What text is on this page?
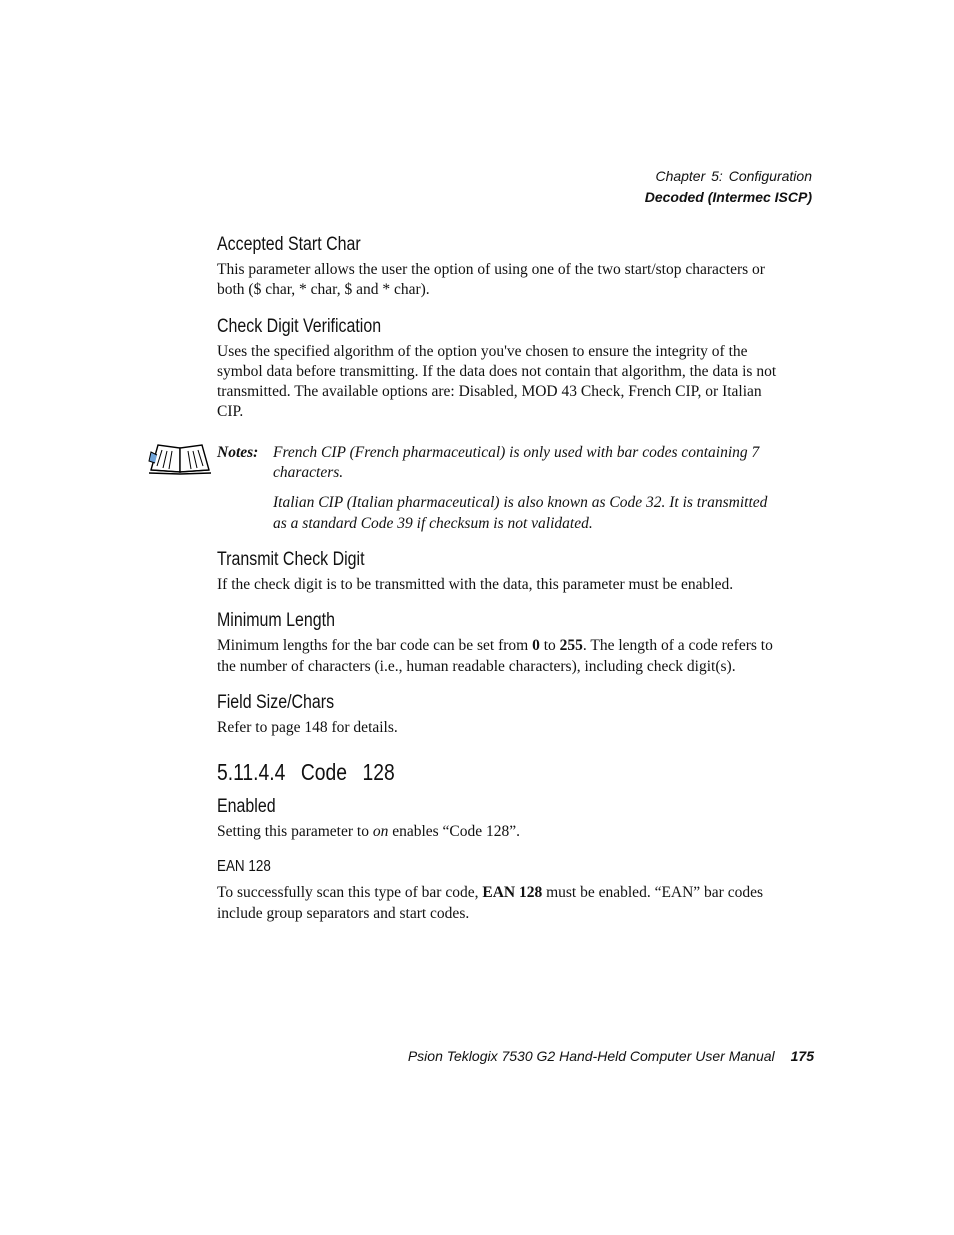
Chapter 5: Configuration
Decoded (Intermec ISCP)
Accepted Start Char

This parameter allows the user the option of using one of the two start/stop characters or both ($ char, * char, $ and * char).

Check Digit Verification

Uses the specified algorithm of the option you've chosen to ensure the integrity of the symbol data before transmitting. If the data does not contain that algorithm, the data is not transmitted. The available options are: Disabled, MOD 43 Check, French CIP, or Italian CIP.

Notes: French CIP (French pharmaceutical) is only used with bar codes containing 7 characters.
Italian CIP (Italian pharmaceutical) is also known as Code 32. It is transmitted as a standard Code 39 if checksum is not validated.
Transmit Check Digit

If the check digit is to be transmitted with the data, this parameter must be enabled.

Minimum Length

Minimum lengths for the bar code can be set from 0 to 255. The length of a code refers to the number of characters (i.e., human readable characters), including check digit(s).

Field Size/Chars

Refer to page 148 for details.

5.11.4.4 Code 128
Enabled

Setting this parameter to on enables “Code 128”.

EAN 128

To successfully scan this type of bar code, EAN 128 must be enabled. “EAN” bar codes include group separators and start codes.

Psion Teklogix 7530 G2 Hand-Held Computer User Manual 175
